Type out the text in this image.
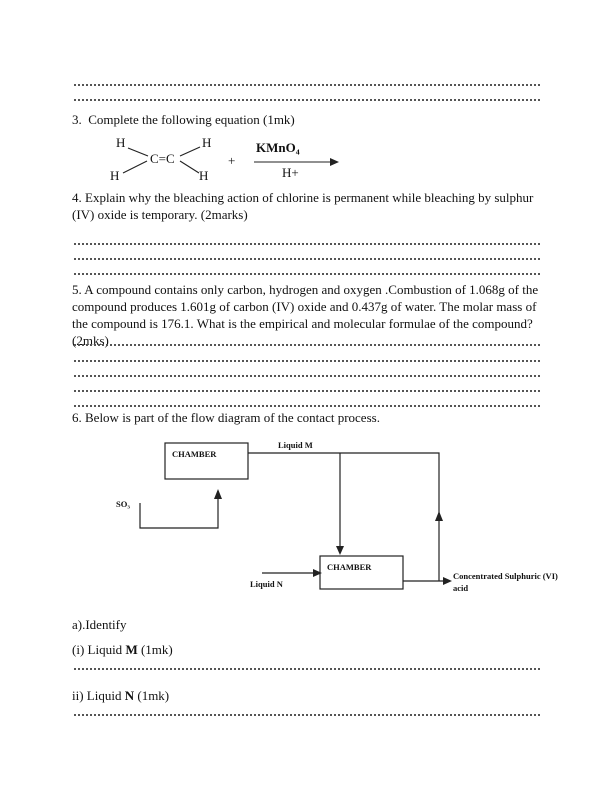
3.  Complete the following equation (1mk)
H
H
C=C
H
H
+
KMnO₄
H+
4. Explain why the bleaching action of chlorine is permanent while bleaching by sulphur (IV) oxide is temporary. (2marks)
5. A compound contains only carbon, hydrogen and oxygen .Combustion of 1.068g of the compound produces 1.601g of carbon (IV) oxide and 0.437g of water. The molar mass of the compound is 176.1. What is the empirical and molecular formulae of the compound? (2mks)
6. Below is part of the flow diagram of the contact process.
CHAMBER
CHAMBER
Liquid M
SO₃
Liquid N
Concentrated Sulphuric (VI)
acid
a).Identify
(i) Liquid M (1mk)
ii) Liquid N (1mk)
